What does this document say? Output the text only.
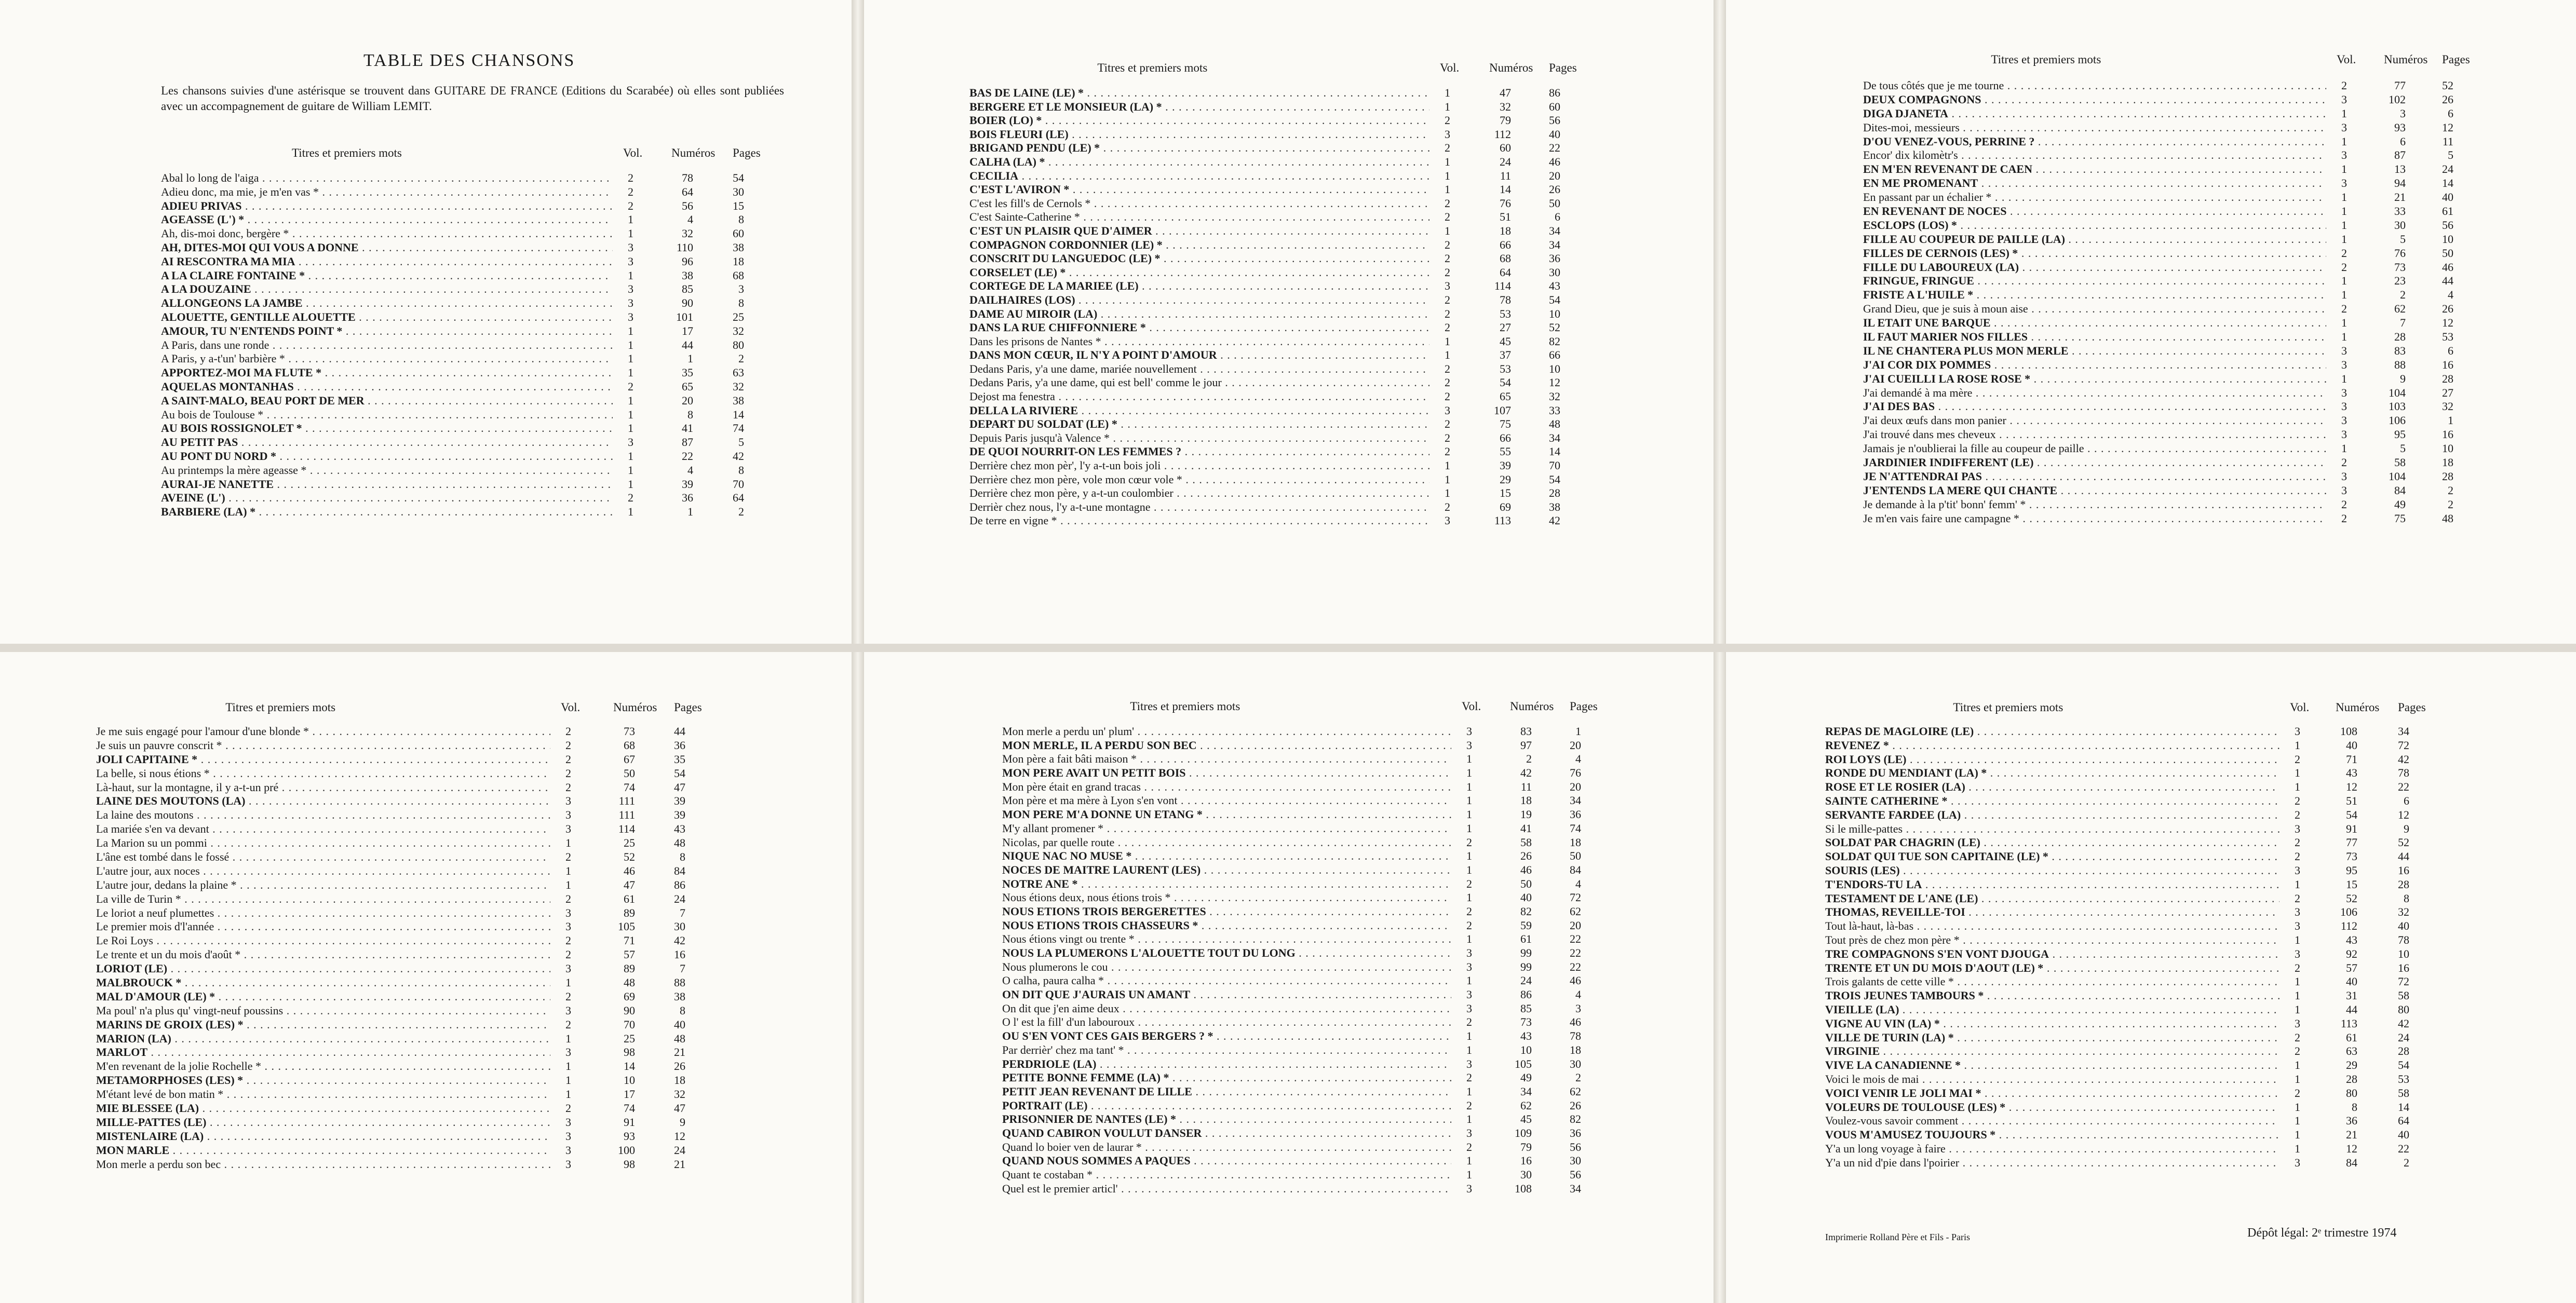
TABLE DES CHANSONS
Les chansons suivies d'une astérisque se trouvent dans GUITARE DE FRANCE (Editions du Scarabée) où elles sont publiées avec un accompagnement de guitare de William LEMIT.
Titres et premiers mots	Vol. Numéros Pages
Abal lo long de l'aiga . . .	2	78	54
Adieu donc, ma mie, je m'en vas * . . .	2	64	30
ADIEU PRIVAS . . .	2	56	15
AGEASSE (L') * . . .	1	4	8
Ah, dis-moi donc, bergère * . . .	1	32	60
AH, DITES-MOI QUI VOUS A DONNE . . .	3	110	38
AI RESCONTRA MA MIA . . .	3	96	18
A LA CLAIRE FONTAINE * . . .	1	38	68
A LA DOUZAINE . . .	3	85	3
ALLONGEONS LA JAMBE . . .	3	90	8
ALOUETTE, GENTILLE ALOUETTE . . .	3	101	25
AMOUR, TU N'ENTENDS POINT * . . .	1	17	32
A Paris, dans une ronde . . .	1	44	80
A Paris, y a-t'un' barbière * . . .	1	1	2
APPORTEZ-MOI MA FLUTE * . . .	1	35	63
AQUELAS MONTANHAS . . .	2	65	32
A SAINT-MALO, BEAU PORT DE MER . . .	1	20	38
Au bois de Toulouse * . . .	1	8	14
AU BOIS ROSSIGNOLET * . . .	1	41	74
AU PETIT PAS . . .	3	87	5
AU PONT DU NORD * . . .	1	22	42
Au printemps la mère ageasse * . . .	1	4	8
AURAI-JE NANETTE . . .	1	39	70
AVEINE (L') . . .	2	36	64
BARBIERE (LA) * . . .	1	1	2
Titres et premiers mots	Vol.	Numéros Pages
BAS DE LAINE (LE) * . . .	1	47	86
BERGERE ET LE MONSIEUR (LA) * . . .	1	32	60
BOIER (LO) * . . .	2	79	56
BOIS FLEURI (LE) . . .	3	112	40
BRIGAND PENDU (LE) * . . .	2	60	22
CALHA (LA) * . . .	1	24	46
CECILIA . . .	1	11	20
C'EST L'AVIRON * . . .	1	14	26
C'est les fill's de Cernols * . . .	2	76	50
C'est Sainte-Catherine * . . .	2	51	6
C'EST UN PLAISIR QUE D'AIMER . . .	1	18	34
COMPAGNON CORDONNIER (LE) * . . .	2	66	34
CONSCRIT DU LANGUEDOC (LE) * . . .	2	68	36
CORSELET (LE) * . . .	2	64	30
CORTEGE DE LA MARIEE (LE) . . .	3	114	43
DAILHAIRES (LOS) . . .	2	78	54
DAME AU MIROIR (LA) . . .	2	53	10
DANS LA RUE CHIFFONNIERE * . . .	2	27	52
Dans les prisons de Nantes * . . .	1	45	82
DANS MON CŒUR, IL N'Y A POINT D'AMOUR . . .	1	37	66
Dedans Paris, y'a une dame, mariée nouvellement . . .	2	53	10
Dedans Paris, y'a une dame, qui est bell' comme le jour . . .	2	54	12
Dejost ma fenestra . . .	2	65	32
DELLA LA RIVIERE . . .	3	107	33
DEPART DU SOLDAT (LE) * . . .	2	75	48
Depuis Paris jusqu'à Valence * . . .	2	66	34
DE QUOI NOURRIT-ON LES FEMMES ? . . .	2	55	14
Derrière chez mon pèr', l'y a-t-un bois joli . . .	1	39	70
Derrière chez mon père, vole mon cœur vole * . . .	1	29	54
Derrière chez mon père, y a-t-un coulombier . . .	1	15	28
Derrièr chez nous, l'y a-t-une montagne . . .	2	69	38
De terre en vigne * . . .	3	113	42
Titres et premiers mots	Vol. Numéros Pages
De tous côtés que je me tourne . . .	2	77	52
DEUX COMPAGNONS . . .	3	102	26
DIGA DJANETA . . .	1	3	6
Dites-moi, messieurs . . .	3	93	12
D'OU VENEZ-VOUS, PERRINE ? . . .	1	6	11
Encor' dix kilomètr's . . .	3	87	5
EN M'EN REVENANT DE CAEN . . .	1	13	24
EN ME PROMENANT . . .	3	94	14
En passant par un échalier * . . .	1	21	40
EN REVENANT DE NOCES . . .	1	33	61
ESCLOPS (LOS) * . . .	1	30	56
FILLE AU COUPEUR DE PAILLE (LA) . . .	1	5	10
FILLES DE CERNOIS (LES) * . . .	2	76	50
FILLE DU LABOUREUX (LA) . . .	2	73	46
FRINGUE, FRINGUE . . .	1	23	44
FRISTE A L'HUILE * . . .	1	2	4
Grand Dieu, que je suis à moun aise . . .	2	62	26
IL ETAIT UNE BARQUE . . .	1	7	12
IL FAUT MARIER NOS FILLES . . .	1	28	53
IL NE CHANTERA PLUS MON MERLE . . .	3	83	6
J'AI COR DIX POMMES . . .	3	88	16
J'AI CUEILLI LA ROSE ROSE * . . .	1	9	28
J'ai demandé à ma mère . . .	3	104	27
J'AI DES BAS . . .	3	103	32
J'ai deux œufs dans mon panier . . .	3	106	1
J'ai trouvé dans mes cheveux . . .	3	95	16
Jamais je n'oublierai la fille au coupeur de paille . . .	1	5	10
JARDINIER INDIFFERENT (LE) . . .	2	58	18
JE N'ATTENDRAI PAS . . .	3	104	28
J'ENTENDS LA MERE QUI CHANTE . . .	3	84	2
Je demande à la p'tit' bonn' femm' * . . .	2	49	2
Je m'en vais faire une campagne * . . .	2	75	48
Titres et premiers mots	Vol.	Numéros Pages
Je me suis engagé pour l'amour d'une blonde * . . .	2	73	44
Je suis un pauvre conscrit * . . .	2	68	36
JOLI CAPITAINE * . . .	2	67	35
La belle, si nous étions * . . .	2	50	54
Là-haut, sur la montagne, il y a-t-un pré . . .	2	74	47
LAINE DES MOUTONS (LA) . . .	3	111	39
La laine des moutons . . .	3	111	39
La mariée s'en va devant . . .	3	114	43
La Marion su un pommi . . .	1	25	48
L'âne est tombé dans le fossé . . .	2	52	8
L'autre jour, aux noces . . .	1	46	84
L'autre jour, dedans la plaine * . . .	1	47	86
La ville de Turin * . . .	2	61	24
Le loriot a neuf plumettes . . .	3	89	7
Le premier mois d'l'année . . .	3	105	30
Le Roi Loys . . .	2	71	42
Le trente et un du mois d'août * . . .	2	57	16
LORIOT (LE) . . .	3	89	7
MALBROUCK * . . .	1	48	88
MAL D'AMOUR (LE) * . . .	2	69	38
Ma poul' n'a plus qu' vingt-neuf poussins . . .	3	90	8
MARINS DE GROIX (LES) * . . .	2	70	40
MARION (LA) . . .	1	25	48
MARLOT . . .	3	98	21
M'en revenant de la jolie Rochelle * . . .	1	14	26
METAMORPHOSES (LES) * . . .	1	10	18
M'étant levé de bon matin * . . .	1	17	32
MIE BLESSEE (LA) . . .	2	74	47
MILLE-PATTES (LE) . . .	3	91	9
MISTENLAIRE (LA) . . .	3	93	12
MON MARLE . . .	3	100	24
Mon merle a perdu son bec . . .	3	98	21
Titres et premiers mots	Vol. Numéros Pages
Mon merle a perdu un' plum' . . .	3	83	1
MON MERLE, IL A PERDU SON BEC . . .	3	97	20
Mon père a fait bâti maison * . . .	1	2	4
MON PERE AVAIT UN PETIT BOIS . . .	1	42	76
Mon père était en grand tracas . . .	1	11	20
Mon père et ma mère à Lyon s'en vont . . .	1	18	34
MON PERE M'A DONNE UN ETANG * . . .	1	19	36
M'y allant promener * . . .	1	41	74
Nicolas, par quelle route . . .	2	58	18
NIQUE NAC NO MUSE * . . .	1	26	50
NOCES DE MAITRE LAURENT (LES) . . .	1	46	84
NOTRE ANE * . . .	2	50	4
Nous étions deux, nous étions trois * . . .	1	40	72
NOUS ETIONS TROIS BERGERETTES . . .	2	82	62
NOUS ETIONS TROIS CHASSEURS * . . .	2	59	20
Nous étions vingt ou trente * . . .	1	61	22
NOUS LA PLUMERONS L'ALOUETTE TOUT DU LONG . . .	3	99	22
Nous plumerons le cou . . .	3	99	22
O calha, paura calha * . . .	1	24	46
ON DIT QUE J'AURAIS UN AMANT . . .	3	86	4
On dit que j'en aime deux . . .	3	85	3
O l' est la fill' d'un labouroux . . .	2	73	46
OU S'EN VONT CES GAIS BERGERS ? * . . .	1	43	78
Par derrièr' chez ma tant' * . . .	1	10	18
PERDRIOLE (LA) . . .	3	105	30
PETITE BONNE FEMME (LA) * . . .	2	49	2
PETIT JEAN REVENANT DE LILLE . . .	1	34	62
PORTRAIT (LE) . . .	2	62	26
PRISONNIER DE NANTES (LE) * . . .	1	45	82
QUAND CABIRON VOULUT DANSER . . .	3	109	36
Quand lo boier ven de laurar * . . .	2	79	56
QUAND NOUS SOMMES A PAQUES . . .	1	16	30
Quant te costaban * . . .	1	30	56
Quel est le premier articl' . . .	3	108	34
Titres et premiers mots	Vol. Numéros Pages
REPAS DE MAGLOIRE (LE) . . .	3	108	34
REVENEZ * . . .	1	40	72
ROI LOYS (LE) . . .	2	71	42
RONDE DU MENDIANT (LA) * . . .	1	43	78
ROSE ET LE ROSIER (LA) . . .	1	12	22
SAINTE CATHERINE * . . .	2	51	6
SERVANTE FARDEE (LA) . . .	2	54	12
Si le mille-pattes . . .	3	91	9
SOLDAT PAR CHAGRIN (LE) . . .	2	77	52
SOLDAT QUI TUE SON CAPITAINE (LE) * . . .	2	73	44
SOURIS (LES) . . .	3	95	16
T'ENDORS-TU LA . . .	1	15	28
TESTAMENT DE L'ANE (LE) . . .	2	52	8
THOMAS, REVEILLE-TOI . . .	3	106	32
Tout là-haut, là-bas . . .	3	112	40
Tout près de chez mon père * . . .	1	43	78
TRE COMPAGNONS S'EN VONT DJOUGA . . .	3	92	10
TRENTE ET UN DU MOIS D'AOUT (LE) * . . .	2	57	16
Trois galants de cette ville * . . .	1	40	72
TROIS JEUNES TAMBOURS * . . .	1	31	58
VIEILLE (LA) . . .	1	44	80
VIGNE AU VIN (LA) * . . .	3	113	42
VILLE DE TURIN (LA) * . . .	2	61	24
VIRGINIE . . .	2	63	28
VIVE LA CANADIENNE * . . .	1	29	54
Voici le mois de mai . . .	1	28	53
VOICI VENIR LE JOLI MAI * . . .	2	80	58
VOLEURS DE TOULOUSE (LES) * . . .	1	8	14
Voulez-vous savoir comment . . .	1	36	64
VOUS M'AMUSEZ TOUJOURS * . . .	1	21	40
Y'a un long voyage à faire . . .	1	12	22
Y'a un nid d'pie dans l'poirier . . .	3	84	2
Imprimerie Rolland Père et Fils - Paris	Dépôt légal: 2ᵉ trimestre 1974
